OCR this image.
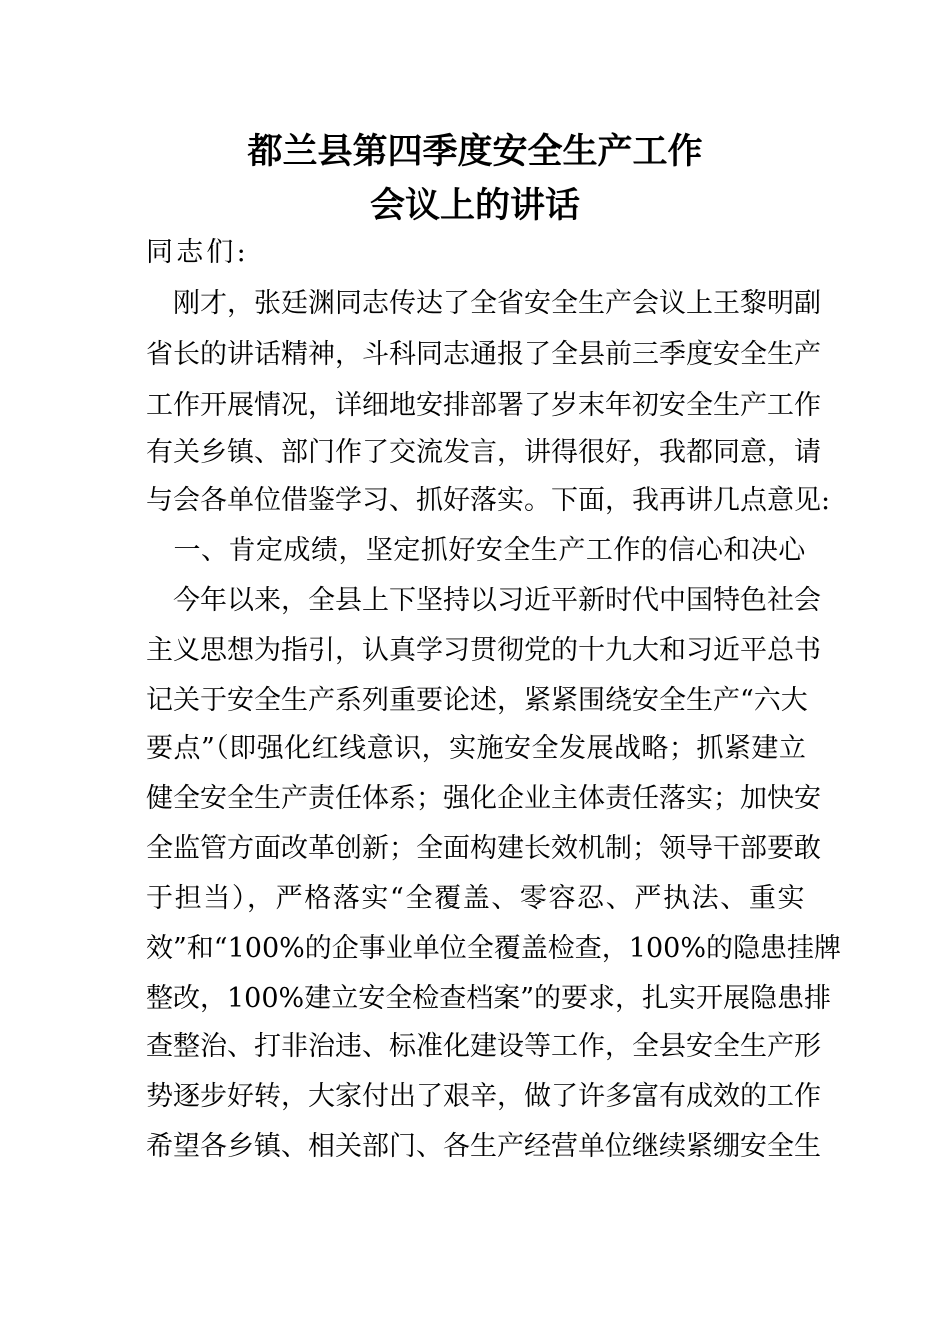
都兰县第四季度安全生产工作
会议上的讲话
同志们:
　刚才，张廷渊同志传达了全省安全生产会议上王黎明副
省长的讲话精神，斗科同志通报了全县前三季度安全生产
工作开展情况，详细地安排部署了岁末年初安全生产工作
有关乡镇、部门作了交流发言，讲得很好，我都同意，请
与会各单位借鉴学习、抓好落实。下面，我再讲几点意见:
　一、肯定成绩，坚定抓好安全生产工作的信心和决心
　今年以来，全县上下坚持以习近平新时代中国特色社会
主义思想为指引，认真学习贯彻党的十九大和习近平总书
记关于安全生产系列重要论述，紧紧围绕安全生产“六大
要点”（即强化红线意识，实施安全发展战略；抓紧建立
健全安全生产责任体系；强化企业主体责任落实；加快安
全监管方面改革创新；全面构建长效机制；领导干部要敢
于担当），严格落实“全覆盖、零容忍、严执法、重实
效”和“100%的企事业单位全覆盖检查，100%的隐患挂牌
整改，100%建立安全检查档案”的要求，扎实开展隐患排
查整治、打非治违、标准化建设等工作，全县安全生产形
势逐步好转，大家付出了艰辛，做了许多富有成效的工作
希望各乡镇、相关部门、各生产经营单位继续紧绷安全生
